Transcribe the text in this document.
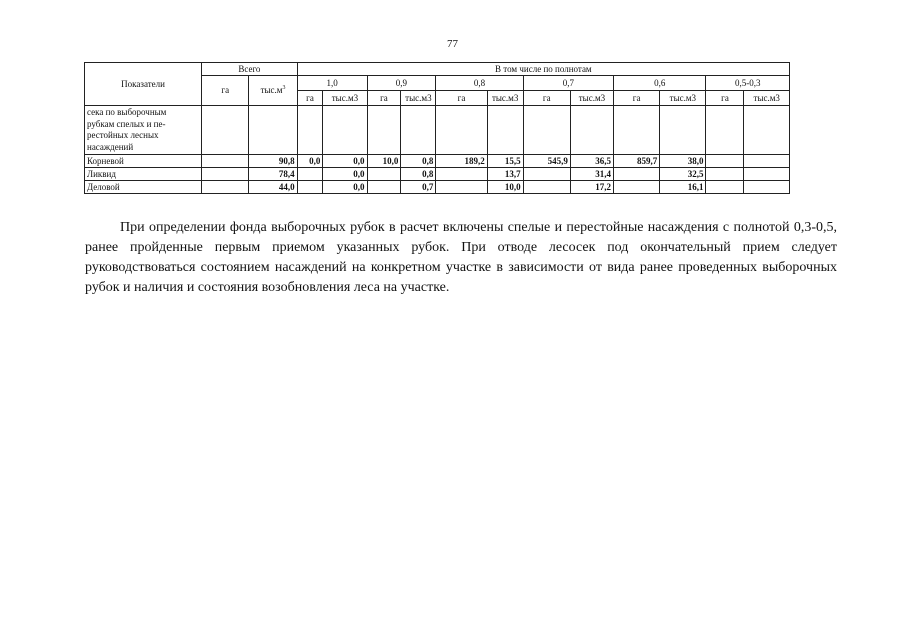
77
Показатели	Всего		В том числе по полнотам											
	га	$тыс.м^3$	1,0		0,9		0,8		0,7		0,6		0,5-0,3	
			га	тыс.м3	га	тыс.м3	га	тыс.м3	га	тыс.м3	га	тыс.м3	га	тыс.м3
сека по выборочным
рубкам спелых и пе-
рестойных лесных
насаждений														
Корневой		90,8	0,0	0,0	10,0	0,8	189,2	15,5	545,9	36,5	859,7	38,0		
Ликвид		78,4		0,0		0,8		13,7		31,4		32,5		
Деловой		44,0		0,0		0,7		10,0		17,2		16,1		

При определении фонда выборочных рубок в расчет включены спелые и перестойные насаждения с полнотой 0,3-0,5, ранее пройденные первым приемом указанных рубок. При отводе лесосек под окончательный прием следует руководствоваться состоянием насаждений на конкретном участке в зависимости от вида ранее проведенных выборочных рубок и наличия и состояния возобновления леса на участке.
